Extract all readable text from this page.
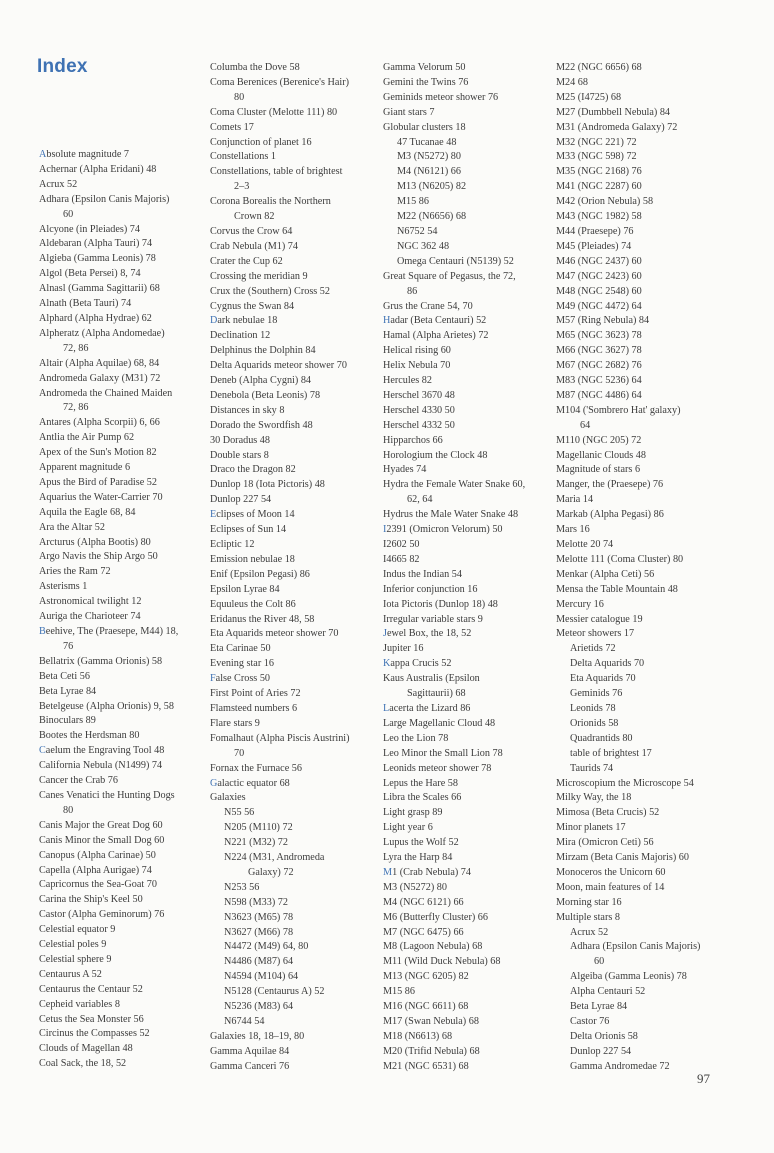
Index
Absolute magnitude 7
Achernar (Alpha Eridani) 48
Acrux 52
Adhara (Epsilon Canis Majoris)
60
Alcyone (in Pleiades) 74
Aldebaran (Alpha Tauri) 74
Algieba (Gamma Leonis) 78
Algol (Beta Persei) 8, 74
Alnasl (Gamma Sagittarii) 68
Alnath (Beta Tauri) 74
Alphard (Alpha Hydrae) 62
Alpheratz (Alpha Andomedae)
72, 86
Altair (Alpha Aquilae) 68, 84
Andromeda Galaxy (M31) 72
Andromeda the Chained Maiden
72, 86
Antares (Alpha Scorpii) 6, 66
Antlia the Air Pump 62
Apex of the Sun's Motion 82
Apparent magnitude 6
Apus the Bird of Paradise 52
Aquarius the Water-Carrier 70
Aquila the Eagle 68, 84
Ara the Altar 52
Arcturus (Alpha Bootis) 80
Argo Navis the Ship Argo 50
Aries the Ram 72
Asterisms 1
Astronomical twilight 12
Auriga the Charioteer 74
Beehive, The (Praesepe, M44) 18,
76
Bellatrix (Gamma Orionis) 58
Beta Ceti 56
Beta Lyrae 84
Betelgeuse (Alpha Orionis) 9, 58
Binoculars 89
Bootes the Herdsman 80
Caelum the Engraving Tool 48
California Nebula (N1499) 74
Cancer the Crab 76
Canes Venatici the Hunting Dogs
80
Canis Major the Great Dog 60
Canis Minor the Small Dog 60
Canopus (Alpha Carinae) 50
Capella (Alpha Aurigae) 74
Capricornus the Sea-Goat 70
Carina the Ship's Keel 50
Castor (Alpha Geminorum) 76
Celestial equator 9
Celestial poles 9
Celestial sphere 9
Centaurus A 52
Centaurus the Centaur 52
Cepheid variables 8
Cetus the Sea Monster 56
Circinus the Compasses 52
Clouds of Magellan 48
Coal Sack, the 18, 52
Columba the Dove 58
Coma Berenices (Berenice's Hair)
80
Coma Cluster (Melotte 111) 80
Comets 17
Conjunction of planet 16
Constellations 1
Constellations, table of brightest
2–3
Corona Borealis the Northern
Crown 82
Corvus the Crow 64
Crab Nebula (M1) 74
Crater the Cup 62
Crossing the meridian 9
Crux the (Southern) Cross 52
Cygnus the Swan 84
Dark nebulae 18
Declination 12
Delphinus the Dolphin 84
Delta Aquarids meteor shower 70
Deneb (Alpha Cygni) 84
Denebola (Beta Leonis) 78
Distances in sky 8
Dorado the Swordfish 48
30 Doradus 48
Double stars 8
Draco the Dragon 82
Dunlop 18 (Iota Pictoris) 48
Dunlop 227 54
Eclipses of Moon 14
Eclipses of Sun 14
Ecliptic 12
Emission nebulae 18
Enif (Epsilon Pegasi) 86
Epsilon Lyrae 84
Equuleus the Colt 86
Eridanus the River 48, 58
Eta Aquarids meteor shower 70
Eta Carinae 50
Evening star 16
False Cross 50
First Point of Aries 72
Flamsteed numbers 6
Flare stars 9
Fomalhaut (Alpha Piscis Austrini)
70
Fornax the Furnace 56
Galactic equator 68
Galaxies
N55 56
N205 (M110) 72
N221 (M32) 72
N224 (M31, Andromeda
Galaxy) 72
N253 56
N598 (M33) 72
N3623 (M65) 78
N3627 (M66) 78
N4472 (M49) 64, 80
N4486 (M87) 64
N4594 (M104) 64
N5128 (Centaurus A) 52
N5236 (M83) 64
N6744 54
Galaxies 18, 18–19, 80
Gamma Aquilae 84
Gamma Canceri 76
Gamma Velorum 50
Gemini the Twins 76
Geminids meteor shower 76
Giant stars 7
Globular clusters 18
47 Tucanae 48
M3 (N5272) 80
M4 (N6121) 66
M13 (N6205) 82
M15 86
M22 (N6656) 68
N6752 54
NGC 362 48
Omega Centauri (N5139) 52
Great Square of Pegasus, the 72,
86
Grus the Crane 54, 70
Hadar (Beta Centauri) 52
Hamal (Alpha Arietes) 72
Helical rising 60
Helix Nebula 70
Hercules 82
Herschel 3670 48
Herschel 4330 50
Herschel 4332 50
Hipparchos 66
Horologium the Clock 48
Hyades 74
Hydra the Female Water Snake 60,
62, 64
Hydrus the Male Water Snake 48
I2391 (Omicron Velorum) 50
I2602 50
I4665 82
Indus the Indian 54
Inferior conjunction 16
Iota Pictoris (Dunlop 18) 48
Irregular variable stars 9
Jewel Box, the 18, 52
Jupiter 16
Kappa Crucis 52
Kaus Australis (Epsilon
Sagittaurii) 68
Lacerta the Lizard 86
Large Magellanic Cloud 48
Leo the Lion 78
Leo Minor the Small Lion 78
Leonids meteor shower 78
Lepus the Hare 58
Libra the Scales 66
Light grasp 89
Light year 6
Lupus the Wolf 52
Lyra the Harp 84
M1 (Crab Nebula) 74
M3 (N5272) 80
M4 (NGC 6121) 66
M6 (Butterfly Cluster) 66
M7 (NGC 6475) 66
M8 (Lagoon Nebula) 68
M11 (Wild Duck Nebula) 68
M13 (NGC 6205) 82
M15 86
M16 (NGC 6611) 68
M17 (Swan Nebula) 68
M18 (N6613) 68
M20 (Trifid Nebula) 68
M21 (NGC 6531) 68
M22 (NGC 6656) 68
M24 68
M25 (I4725) 68
M27 (Dumbbell Nebula) 84
M31 (Andromeda Galaxy) 72
M32 (NGC 221) 72
M33 (NGC 598) 72
M35 (NGC 2168) 76
M41 (NGC 2287) 60
M42 (Orion Nebula) 58
M43 (NGC 1982) 58
M44 (Praesepe) 76
M45 (Pleiades) 74
M46 (NGC 2437) 60
M47 (NGC 2423) 60
M48 (NGC 2548) 60
M49 (NGC 4472) 64
M57 (Ring Nebula) 84
M65 (NGC 3623) 78
M66 (NGC 3627) 78
M67 (NGC 2682) 76
M83 (NGC 5236) 64
M87 (NGC 4486) 64
M104 ('Sombrero Hat' galaxy)
64
M110 (NGC 205) 72
Magellanic Clouds 48
Magnitude of stars 6
Manger, the (Praesepe) 76
Maria 14
Markab (Alpha Pegasi) 86
Mars 16
Melotte 20 74
Melotte 111 (Coma Cluster) 80
Menkar (Alpha Ceti) 56
Mensa the Table Mountain 48
Mercury 16
Messier catalogue 19
Meteor showers 17
Arietids 72
Delta Aquarids 70
Eta Aquarids 70
Geminids 76
Leonids 78
Orionids 58
Quadrantids 80
table of brightest 17
Taurids 74
Microscopium the Microscope 54
Milky Way, the 18
Mimosa (Beta Crucis) 52
Minor planets 17
Mira (Omicron Ceti) 56
Mirzam (Beta Canis Majoris) 60
Monoceros the Unicorn 60
Moon, main features of 14
Morning star 16
Multiple stars 8
Acrux 52
Adhara (Epsilon Canis Majoris)
60
Algeiba (Gamma Leonis) 78
Alpha Centauri 52
Beta Lyrae 84
Castor 76
Delta Orionis 58
Dunlop 227 54
Gamma Andromedae 72
97
